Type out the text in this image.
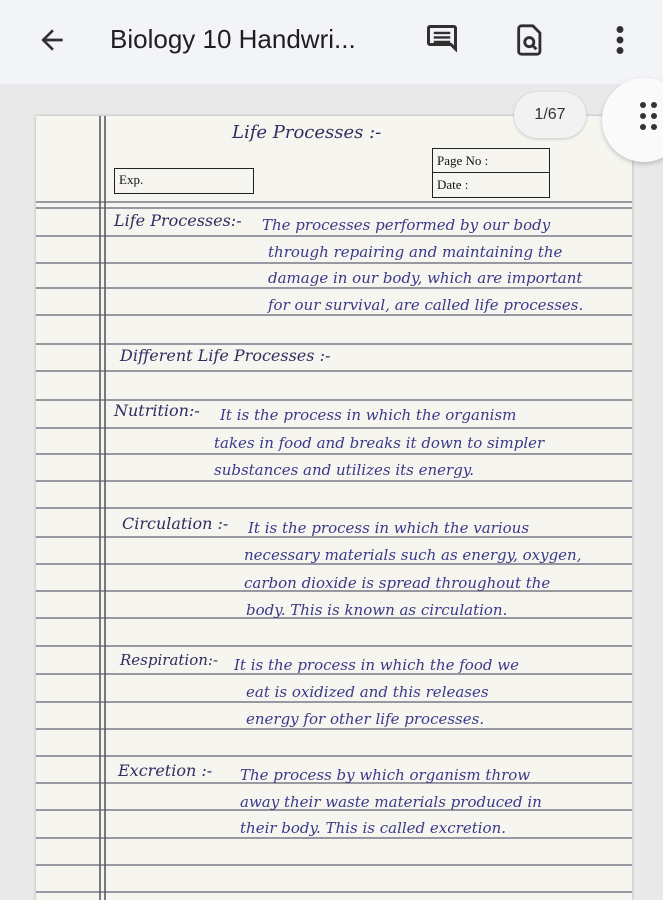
Biology 10 Handwri...
Life Processes :-
Exp.
Page No :
Date :
Life Processes:- The processes performed by our body
through repairing and maintaining the
damage in our body, which are important
for our survival, are called life processes.
Different Life Processes :-
Nutrition:- It is the process in which the organism
takes in food and breaks it down to simpler
substances and utilizes its energy.
Circulation :- It is the process in which the various
necessary materials such as energy, oxygen,
carbon dioxide is spread throughout the
body. This is known as circulation.
Respiration:- It is the process in which the food we
eat is oxidized and this releases
energy for other life processes.
Excretion :- The process by which organism throw
away their waste materials produced in
their body. This is called excretion.
1/67
